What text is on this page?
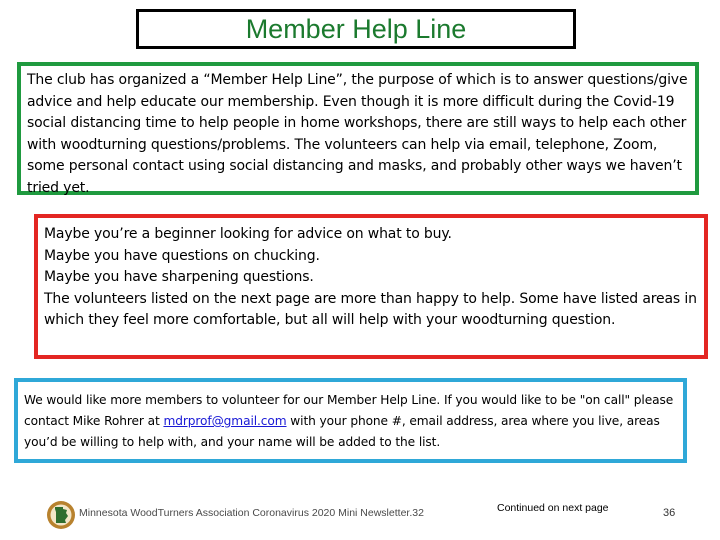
Member Help Line
The club has organized a “Member Help Line”, the purpose of which is to answer questions/give advice and help educate our membership. Even though it is more difficult during the Covid-19 social distancing time to help people in home workshops, there are still ways to help each other with woodturning questions/problems. The volunteers can help via email, telephone, Zoom, some personal contact using social distancing and masks, and probably other ways we haven’t tried yet.
Maybe you’re a beginner looking for advice on what to buy.
Maybe you have questions on chucking.
Maybe you have sharpening questions.
The volunteers listed on the next page are more than happy to help. Some have listed areas in which they feel more comfortable, but all will help with your woodturning question.
We would like more members to volunteer for our Member Help Line. If you would like to be "on call" please contact Mike Rohrer at mdrprof@gmail.com with your phone #, email address, area where you live, areas you’d be willing to help with, and your name will be added to the list.
Minnesota WoodTurners Association Coronavirus 2020 Mini Newsletter.32	Continued on next page	36
